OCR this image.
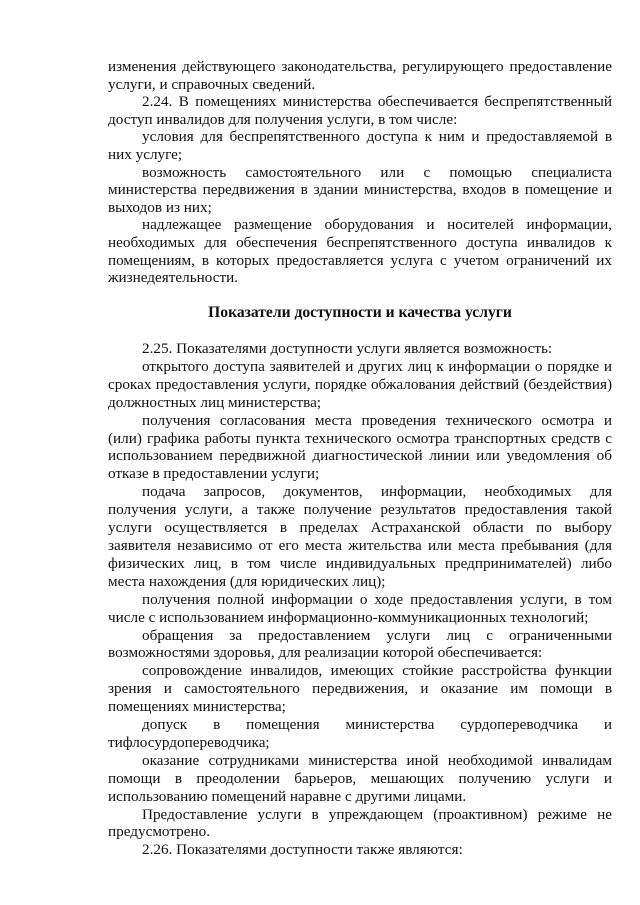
изменения действующего законодательства, регулирующего предоставление услуги, и справочных сведений.

2.24. В помещениях министерства обеспечивается беспрепятственный доступ инвалидов для получения услуги, в том числе:

условия для беспрепятственного доступа к ним и предоставляемой в них услуге;

возможность самостоятельного или с помощью специалиста министерства передвижения в здании министерства, входов в помещение и выходов из них;

надлежащее размещение оборудования и носителей информации, необходимых для обеспечения беспрепятственного доступа инвалидов к помещениям, в которых предоставляется услуга с учетом ограничений их жизнедеятельности.

Показатели доступности и качества услуги

2.25. Показателями доступности услуги является возможность:

открытого доступа заявителей и других лиц к информации о порядке и сроках предоставления услуги, порядке обжалования действий (бездействия) должностных лиц министерства;

получения согласования места проведения технического осмотра и (или) графика работы пункта технического осмотра транспортных средств с использованием передвижной диагностической линии или уведомления об отказе в предоставлении услуги;

подача запросов, документов, информации, необходимых для получения услуги, а также получение результатов предоставления такой услуги осуществляется в пределах Астраханской области по выбору заявителя независимо от его места жительства или места пребывания (для физических лиц, в том числе индивидуальных предпринимателей) либо места нахождения (для юридических лиц);

получения полной информации о ходе предоставления услуги, в том числе с использованием информационно-коммуникационных технологий;

обращения за предоставлением услуги лиц с ограниченными возможностями здоровья, для реализации которой обеспечивается:

сопровождение инвалидов, имеющих стойкие расстройства функции зрения и самостоятельного передвижения, и оказание им помощи в помещениях министерства;

допуск в помещения министерства сурдопереводчика и тифлосурдопереводчика;

оказание сотрудниками министерства иной необходимой инвалидам помощи в преодолении барьеров, мешающих получению услуги и использованию помещений наравне с другими лицами.

Предоставление услуги в упреждающем (проактивном) режиме не предусмотрено.

2.26. Показателями доступности также являются:
